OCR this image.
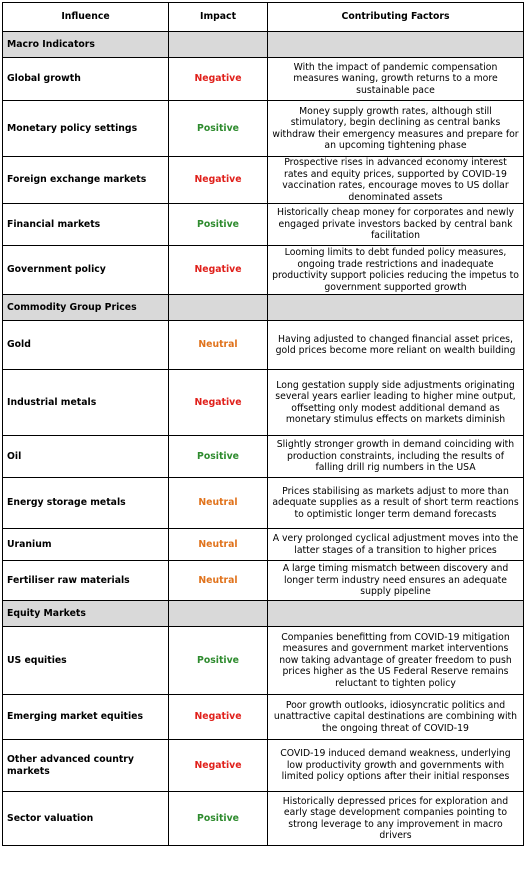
Influence	Impact	Contributing Factors
Macro Indicators		
Global growth	Negative	With the impact of pandemic compensation measures waning, growth returns to a more sustainable pace
Monetary policy settings	Positive	Money supply growth rates, although still stimulatory, begin declining as central banks withdraw their emergency measures and prepare for an upcoming tightening phase
Foreign exchange markets	Negative	Prospective rises in advanced economy interest rates and equity prices, supported by COVID-19 vaccination rates, encourage moves to US dollar denominated assets
Financial markets	Positive	Historically cheap money for corporates and newly engaged private investors backed by central bank facilitation
Government policy	Negative	Looming limits to debt funded policy measures, ongoing trade restrictions and inadequate productivity support policies reducing the impetus to government supported growth
Commodity Group Prices		
Gold	Neutral	Having adjusted to changed financial asset prices, gold prices become more reliant on wealth building
Industrial metals	Negative	Long gestation supply side adjustments originating several years earlier leading to higher mine output, offsetting only modest additional demand as monetary stimulus effects on markets diminish
Oil	Positive	Slightly stronger growth in demand coinciding with production constraints, including the results of falling drill rig numbers in the USA
Energy storage metals	Neutral	Prices stabilising as markets adjust to more than adequate supplies as a result of short term reactions to optimistic longer term demand forecasts
Uranium	Neutral	A very prolonged cyclical adjustment moves into the latter stages of a transition to higher prices
Fertiliser raw materials	Neutral	A large timing mismatch between discovery and longer term industry need ensures an adequate supply pipeline
Equity Markets		
US equities	Positive	Companies benefitting from COVID-19 mitigation measures and government market interventions now taking advantage of greater freedom to push prices higher as the US Federal Reserve remains reluctant to tighten policy
Emerging market equities	Negative	Poor growth outlooks, idiosyncratic politics and unattractive capital destinations are combining with the ongoing threat of COVID-19
Other advanced country markets	Negative	COVID-19 induced demand weakness, underlying low productivity growth and governments with limited policy options after their initial responses
Sector valuation	Positive	Historically depressed prices for exploration and early stage development companies pointing to strong leverage to any improvement in macro drivers
